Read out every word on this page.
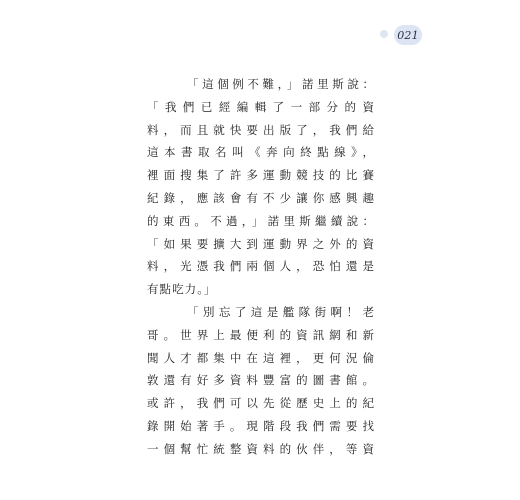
021
「這個例不難，」諾里斯說：
「我們已經編輯了一部分的資
料，而且就快要出版了，我們給
這本書取名叫《奔向終點線》，
裡面搜集了許多運動競技的比賽
紀錄，應該會有不少讓你感興趣
的東西。不過，」諾里斯繼續說：
「如果要擴大到運動界之外的資
料，光憑我們兩個人，恐怕還是
有點吃力。」
「別忘了這是艦隊街啊！老
哥。世界上最便利的資訊網和新
聞人才都集中在這裡，更何況倫
敦還有好多資料豐富的圖書館。
或許，我們可以先從歷史上的紀
錄開始著手。現階段我們需要找
一個幫忙統整資料的伙伴，等資
